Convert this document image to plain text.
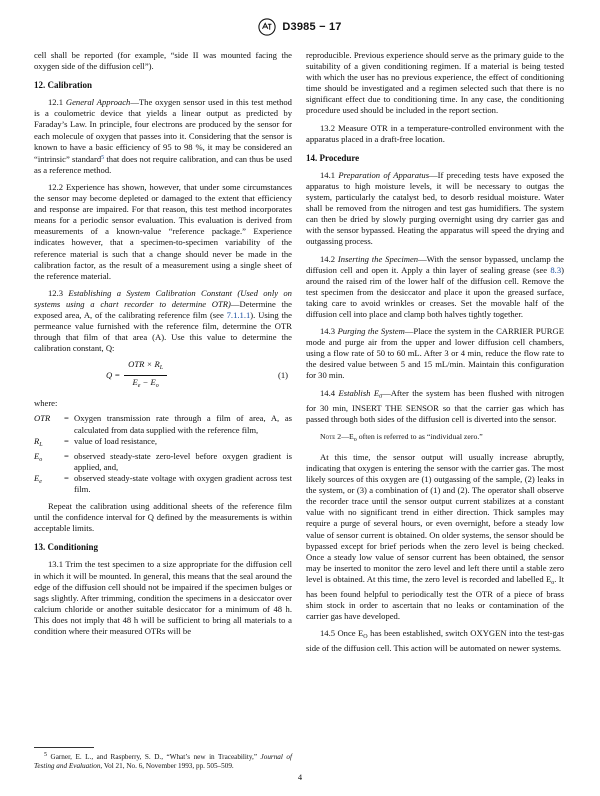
D3985 − 17

cell shall be reported (for example, “side II was mounted facing the oxygen side of the diffusion cell”).

12. Calibration

12.1 General Approach—The oxygen sensor used in this test method is a coulometric device that yields a linear output as predicted by Faraday’s Law. In principle, four electrons are produced by the sensor for each molecule of oxygen that passes into it. Considering that the sensor is known to have a basic efficiency of 95 to 98 %, it may be considered an “intrinsic” standard$^5$ that does not require calibration, and can thus be used as a reference method.

12.2 Experience has shown, however, that under some circumstances the sensor may become depleted or damaged to the extent that efficiency and response are impaired. For that reason, this test method incorporates means for a periodic sensor evaluation. This evaluation is derived from measurements of a known-value “reference package.” Experience indicates however, that a specimen-to-specimen variability of the reference material is such that a change should never be made in the calibration factor, as the result of a measurement using a single sheet of the reference material.

12.3 Establishing a System Calibration Constant (Used only on systems using a chart recorder to determine OTR)—Determine the exposed area, A, of the calibrating reference film (see 7.1.1.1). Using the permeance value furnished with the reference film, determine the OTR through that film of that area (A). Use this value to determine the calibration constant, Q:

$Q = \frac{OTR \times R_L}{E_e - E_o}$	(1)

where:

OTR	= Oxygen transmission rate through a film of area, A, as calculated from data supplied with the reference film,
$R_L$	= value of load resistance,
$E_o$	= observed steady-state zero-level before oxygen gradient is applied, and,
$E_e$	= observed steady-state voltage with oxygen gradient across test film.

Repeat the calibration using additional sheets of the reference film until the confidence interval for Q defined by the measurements is within acceptable limits.

13. Conditioning

13.1 Trim the test specimen to a size appropriate for the diffusion cell in which it will be mounted. In general, this means that the seal around the edge of the diffusion cell should not be impaired if the specimen bulges or sags slightly. After trimming, condition the specimens in a desiccator over calcium chloride or another suitable desiccator for a minimum of 48 h. This does not imply that 48 h will be sufficient to bring all materials to a condition where their measured OTRs will be

$^5$ Garner, E. L., and Raspberry, S. D., “What’s new in Traceability,” Journal of Testing and Evaluation, Vol 21, No. 6, November 1993, pp. 505–509.

reproducible. Previous experience should serve as the primary guide to the suitability of a given conditioning regimen. If a material is being tested with which the user has no previous experience, the effect of conditioning time should be investigated and a regimen selected such that there is no significant effect due to conditioning time. In any case, the conditioning procedure used should be included in the report section.

13.2 Measure OTR in a temperature-controlled environment with the apparatus placed in a draft-free location.

14. Procedure

14.1 Preparation of Apparatus—If preceding tests have exposed the apparatus to high moisture levels, it will be necessary to outgas the system, particularly the catalyst bed, to desorb residual moisture. Water shall be removed from the nitrogen and test gas humidifiers. The system can then be dried by slowly purging overnight using dry carrier gas and with the sensor bypassed. Heating the apparatus will speed the drying and outgassing process.

14.2 Inserting the Specimen—With the sensor bypassed, unclamp the diffusion cell and open it. Apply a thin layer of sealing grease (see 8.3) around the raised rim of the lower half of the diffusion cell. Remove the test specimen from the desiccator and place it upon the greased surface, taking care to avoid wrinkles or creases. Set the movable half of the diffusion cell into place and clamp both halves tightly together.

14.3 Purging the System—Place the system in the CARRIER PURGE mode and purge air from the upper and lower diffusion cell chambers, using a flow rate of 50 to 60 mL. After 3 or 4 min, reduce the flow rate to the desired value between 5 and 15 mL/min. Maintain this configuration for 30 min.

14.4 Establish $E_0—After$ the system has been flushed with nitrogen for 30 min, INSERT THE SENSOR so that the carrier gas which has passed through both sides of the diffusion cell is diverted into the sensor.

Note $2—E_o$ often is referred to as “individual zero.”

At this time, the sensor output will usually increase abruptly, indicating that oxygen is entering the sensor with the carrier gas. The most likely sources of this oxygen are (1) outgassing of the sample, (2) leaks in the system, or (3) a combination of (1) and (2). The operator shall observe the recorder trace until the sensor output current stabilizes at a constant value with no significant trend in either direction. Thick samples may require a purge of several hours, or even overnight, before a steady low value of sensor current is obtained. On older systems, the sensor should be bypassed except for brief periods when the zero level is being checked. Once a steady low value of sensor current has been obtained, the sensor may be inserted to monitor the zero level and left there until a stable zero level is obtained. At this time, the zero level is recorded and labelled $E_o$. It has been found helpful to periodically test the OTR of a piece of brass shim stock in order to ascertain that no leaks or contamination of the carrier gas have developed.

14.5 Once $E_O$ has been established, switch OXYGEN into the test-gas side of the diffusion cell. This action will be automated on newer systems.

4
